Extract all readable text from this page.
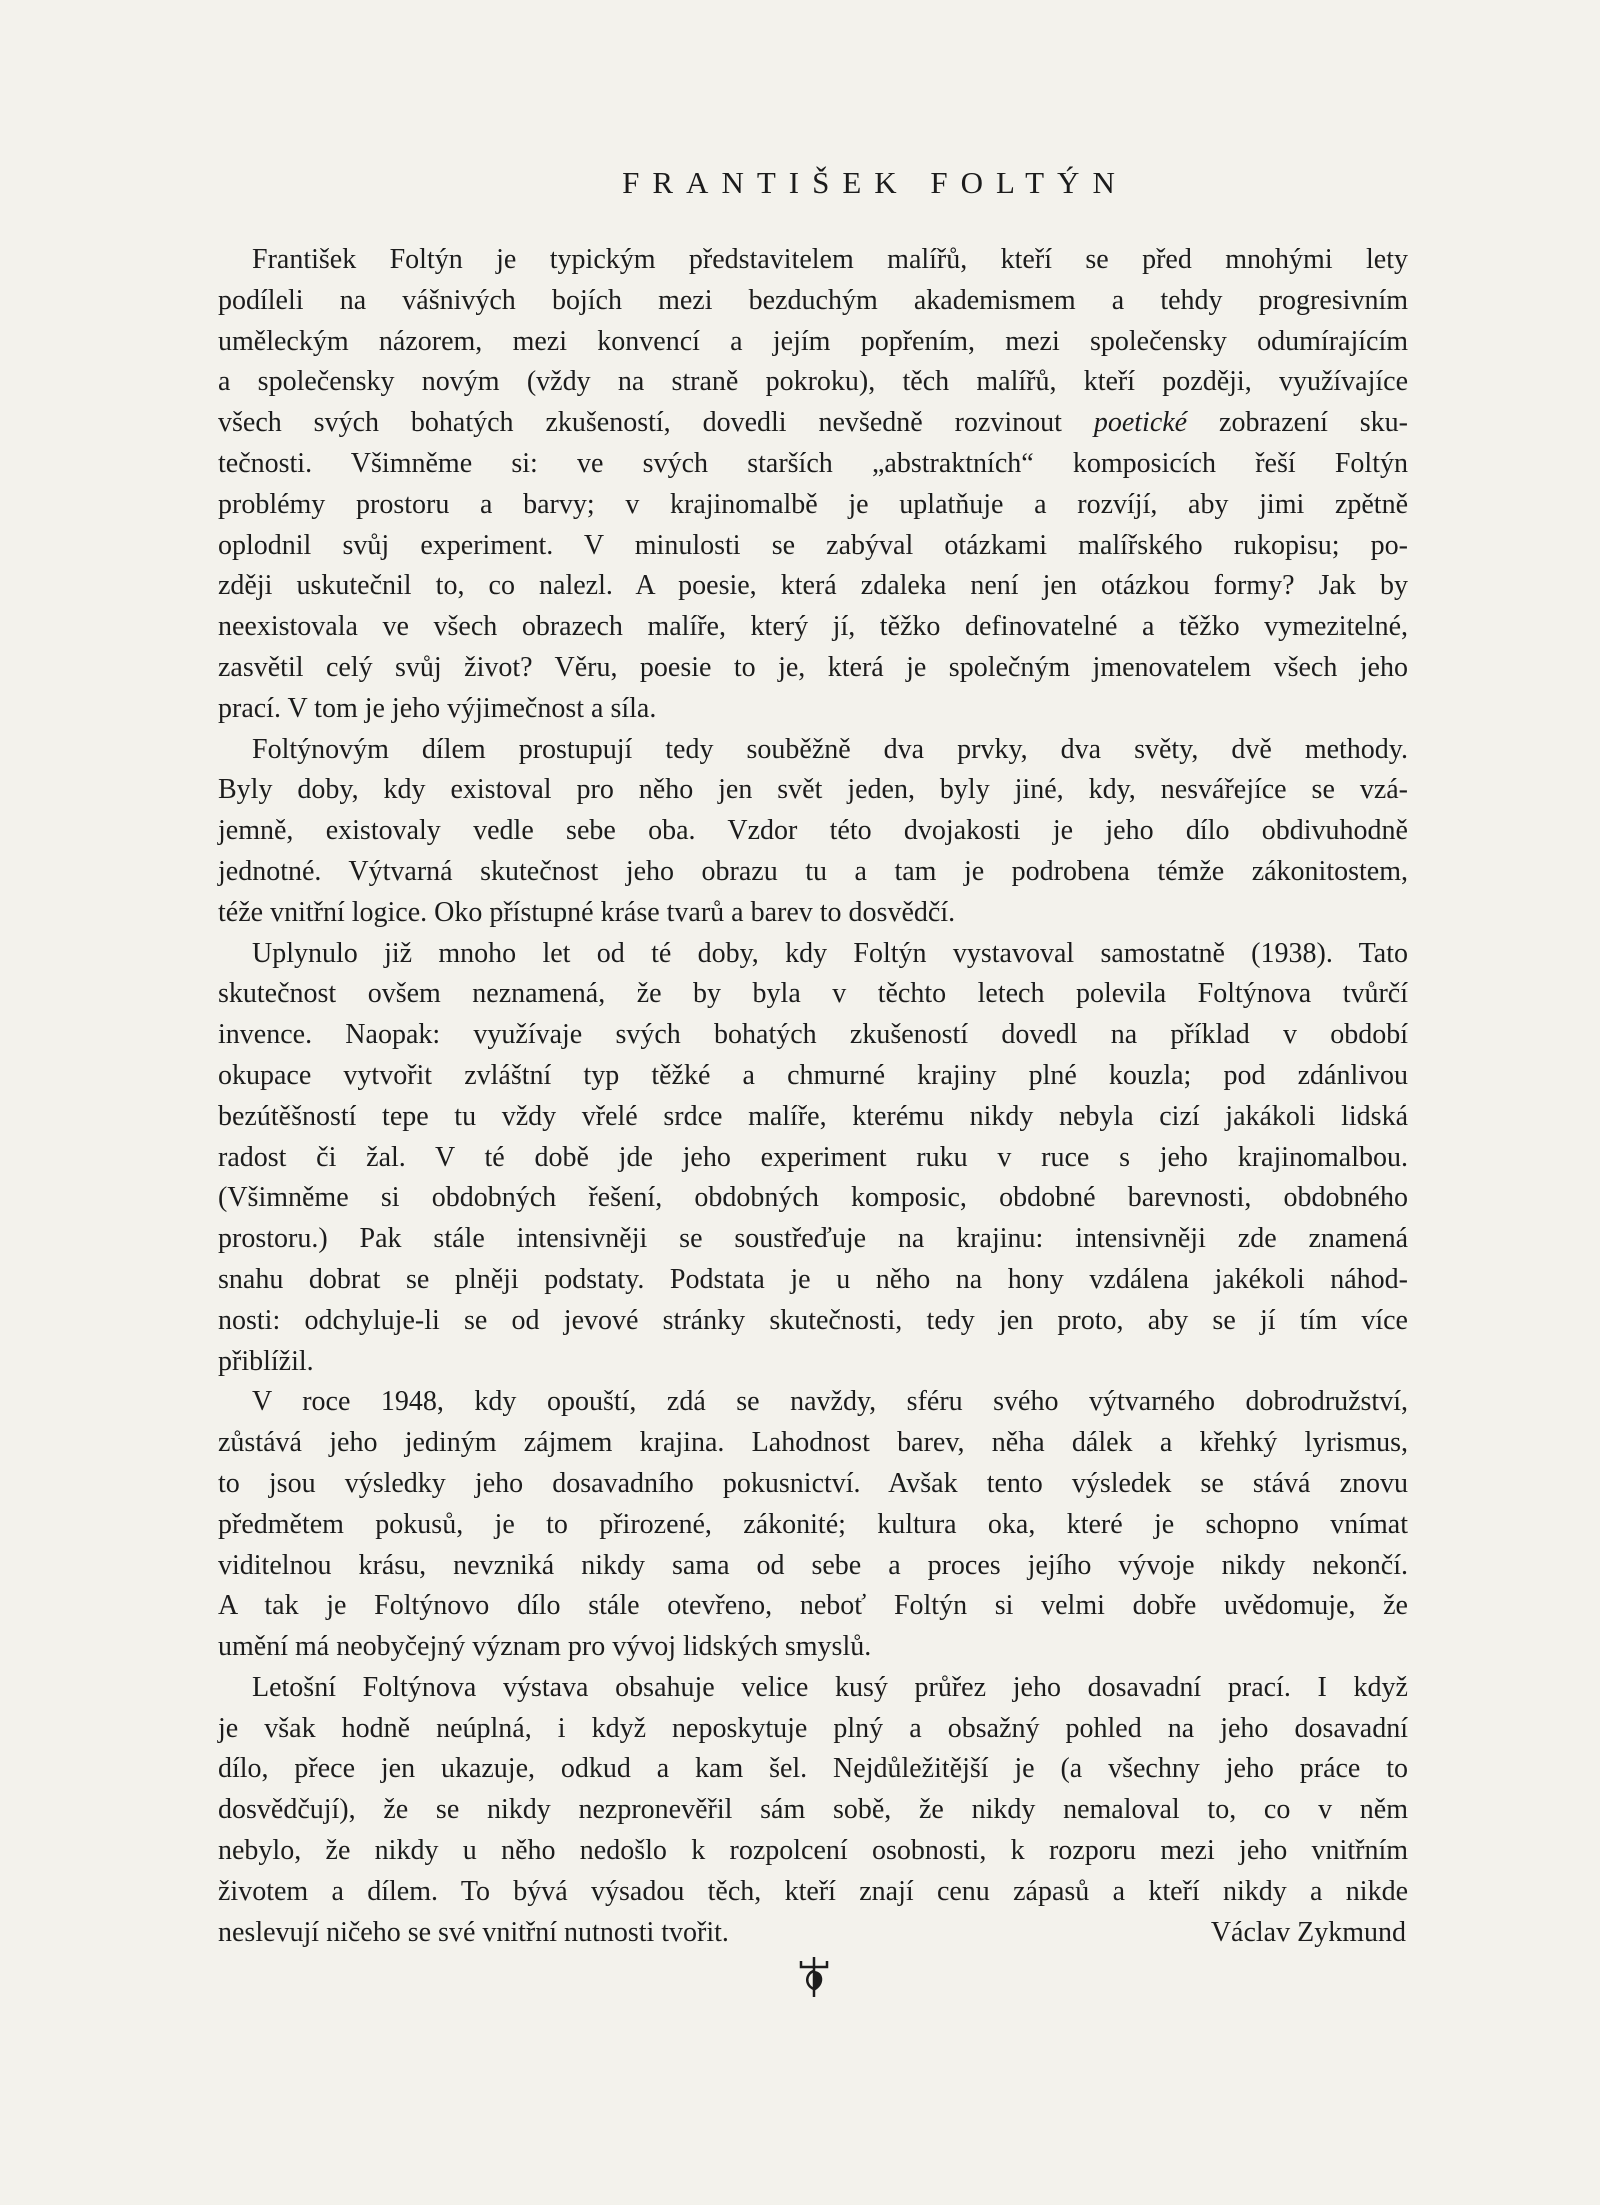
FRANTIŠEK FOLTÝN
František Foltýn je typickým představitelem malířů, kteří se před mnohými lety
podíleli na vášnivých bojích mezi bezduchým akademismem a tehdy progresivním
uměleckým názorem, mezi konvencí a jejím popřením, mezi společensky odumírajícím
a společensky novým (vždy na straně pokroku), těch malířů, kteří později, využívajíce
všech svých bohatých zkušeností, dovedli nevšedně rozvinout poetické zobrazení sku-
tečnosti. Všimněme si: ve svých starších „abstraktních“ komposicích řeší Foltýn
problémy prostoru a barvy; v krajinomalbě je uplatňuje a rozvíjí, aby jimi zpětně
oplodnil svůj experiment. V minulosti se zabýval otázkami malířského rukopisu; po-
zději uskutečnil to, co nalezl. A poesie, která zdaleka není jen otázkou formy? Jak by
neexistovala ve všech obrazech malíře, který jí, těžko definovatelné a těžko vymezitelné,
zasvětil celý svůj život? Věru, poesie to je, která je společným jmenovatelem všech jeho
prací. V tom je jeho výjimečnost a síla.
Foltýnovým dílem prostupují tedy souběžně dva prvky, dva světy, dvě methody.
Byly doby, kdy existoval pro něho jen svět jeden, byly jiné, kdy, nesvářejíce se vzá-
jemně, existovaly vedle sebe oba. Vzdor této dvojakosti je jeho dílo obdivuhodně
jednotné. Výtvarná skutečnost jeho obrazu tu a tam je podrobena témže zákonitostem,
téže vnitřní logice. Oko přístupné kráse tvarů a barev to dosvědčí.
Uplynulo již mnoho let od té doby, kdy Foltýn vystavoval samostatně (1938). Tato
skutečnost ovšem neznamená, že by byla v těchto letech polevila Foltýnova tvůrčí
invence. Naopak: využívaje svých bohatých zkušeností dovedl na příklad v období
okupace vytvořit zvláštní typ těžké a chmurné krajiny plné kouzla; pod zdánlivou
bezútěšností tepe tu vždy vřelé srdce malíře, kterému nikdy nebyla cizí jakákoli lidská
radost či žal. V té době jde jeho experiment ruku v ruce s jeho krajinomalbou.
(Všimněme si obdobných řešení, obdobných komposic, obdobné barevnosti, obdobného
prostoru.) Pak stále intensivněji se soustřeďuje na krajinu: intensivněji zde znamená
snahu dobrat se plněji podstaty. Podstata je u něho na hony vzdálena jakékoli náhod-
nosti: odchyluje-li se od jevové stránky skutečnosti, tedy jen proto, aby se jí tím více
přiblížil.
V roce 1948, kdy opouští, zdá se navždy, sféru svého výtvarného dobrodružství,
zůstává jeho jediným zájmem krajina. Lahodnost barev, něha dálek a křehký lyrismus,
to jsou výsledky jeho dosavadního pokusnictví. Avšak tento výsledek se stává znovu
předmětem pokusů, je to přirozené, zákonité; kultura oka, které je schopno vnímat
viditelnou krásu, nevzniká nikdy sama od sebe a proces jejího vývoje nikdy nekončí.
A tak je Foltýnovo dílo stále otevřeno, neboť Foltýn si velmi dobře uvědomuje, že
umění má neobyčejný význam pro vývoj lidských smyslů.
Letošní Foltýnova výstava obsahuje velice kusý průřez jeho dosavadní prací. I když
je však hodně neúplná, i když neposkytuje plný a obsažný pohled na jeho dosavadní
dílo, přece jen ukazuje, odkud a kam šel. Nejdůležitější je (a všechny jeho práce to
dosvědčují), že se nikdy nezpronevěřil sám sobě, že nikdy nemaloval to, co v něm
nebylo, že nikdy u něho nedošlo k rozpolcení osobnosti, k rozporu mezi jeho vnitřním
životem a dílem. To bývá výsadou těch, kteří znají cenu zápasů a kteří nikdy a nikde
neslevují ničeho se své vnitřní nutnosti tvořit.	Václav Zykmund
